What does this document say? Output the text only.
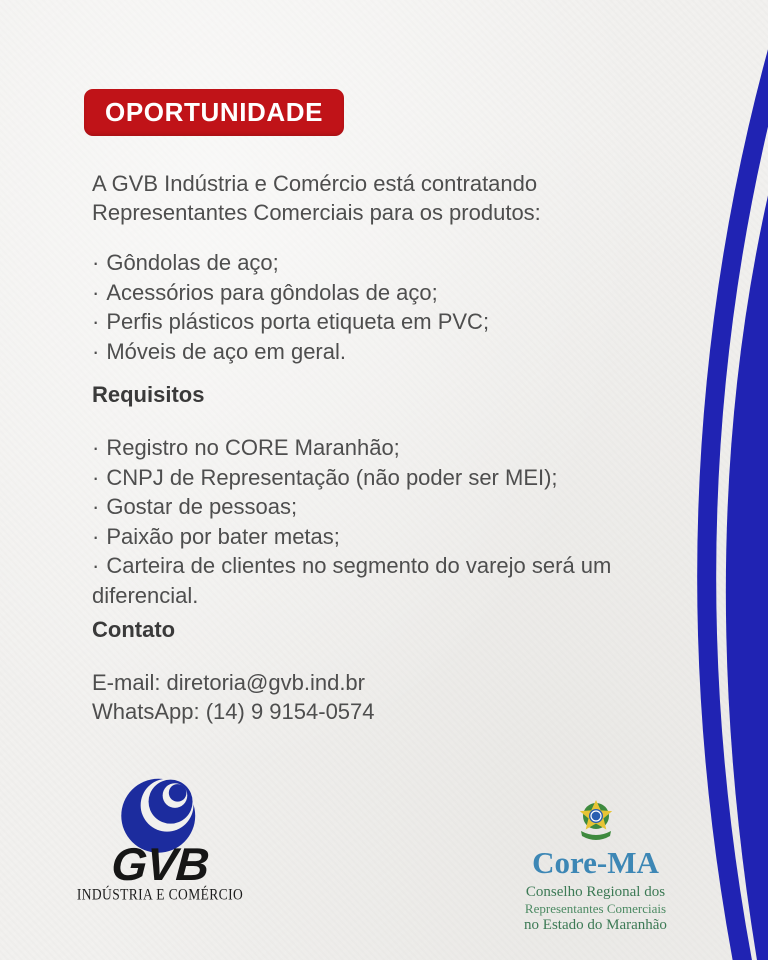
OPORTUNIDADE
A GVB Indústria e Comércio está contratando Representantes Comerciais para os produtos:
· Gôndolas de aço;
· Acessórios para gôndolas de aço;
· Perfis plásticos porta etiqueta em PVC;
· Móveis de aço em geral.
Requisitos
· Registro no CORE Maranhão;
· CNPJ de Representação (não poder ser MEI);
· Gostar de pessoas;
· Paixão por bater metas;
· Carteira de clientes no segmento do varejo será um diferencial.
Contato
E-mail: diretoria@gvb.ind.br
WhatsApp: (14) 9 9154-0574
GVB
INDÚSTRIA E COMÉRCIO
Core-MA
Conselho Regional dos
Representantes Comerciais
no Estado do Maranhão
